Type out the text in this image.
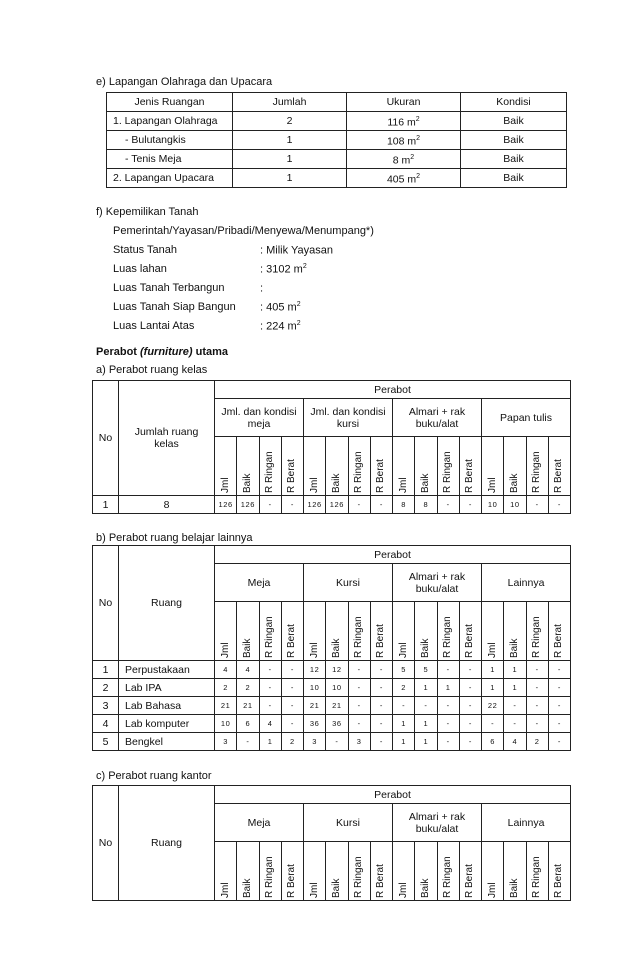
e) Lapangan Olahraga dan Upacara
Jenis Ruangan	Jumlah	Ukuran	Kondisi
1. Lapangan Olahraga	2	116 $m^2$	Baik
- Bulutangkis	1	108 $m^2$	Baik
- Tenis Meja	1	8 $m^2$	Baik
2. Lapangan Upacara	1	405 $m^2$	Baik
f) Kepemilikan Tanah
Pemerintah/Yayasan/Pribadi/Menyewa/Menumpang*)
Status Tanah	: Milik Yayasan
Luas lahan	: 3102 $m^2$
Luas Tanah Terbangun	:
Luas Tanah Siap Bangun : 405 $m^2$
Luas Lantai Atas	: 224 $m^2$
Perabot (furniture) utama
a) Perabot ruang kelas
No	Jumlah ruang kelas	Perabot															
		Jml. dan kondisi meja				Jml. dan kondisi kursi				Almari + rak buku/alat				Papan tulis			

		Jml	Baik	R Ringan	R Berat	Jml	Baik	R Ringan	R Berat	Jml	Baik	R Ringan	R Berat	Jml	Baik	R Ringan	R Berat

1	8	126	126	-	-	126	126	-	-	8	8	-	-	10	10	-	-
b) Perabot ruang belajar lainnya
No	Ruang	Perabot															
		Meja				Kursi				Almari + rak buku/alat				Lainnya			

		Jml	Baik	R Ringan	R Berat	Jml	Baik	R Ringan	R Berat	Jml	Baik	R Ringan	R Berat	Jml	Baik	R Ringan	R Berat

1	Perpustakaan	4	4	-	-	12	12	-	-	5	5	-	-	1	1	-	-
2	Lab IPA	2	2	-	-	10	10	-	-	2	1	1	-	1	1	-	-
3	Lab Bahasa	21	21	-	-	21	21	-	-	-	-	-	-	22	-	-	-
4	Lab komputer	10	6	4	-	36	36	-	-	1	1	-	-	-	-	-	-
5	Bengkel	3	-	1	2	3	-	3	-	1	1	-	-	6	4	2	-
c) Perabot ruang kantor
No	Ruang	Perabot															
		Meja				Kursi				Almari + rak buku/alat				Lainnya			

		Jml	Baik	R Ringan	R Berat	Jml	Baik	R Ringan	R Berat	Jml	Baik	R Ringan	R Berat	Jml	Baik	R Ringan	R Berat
